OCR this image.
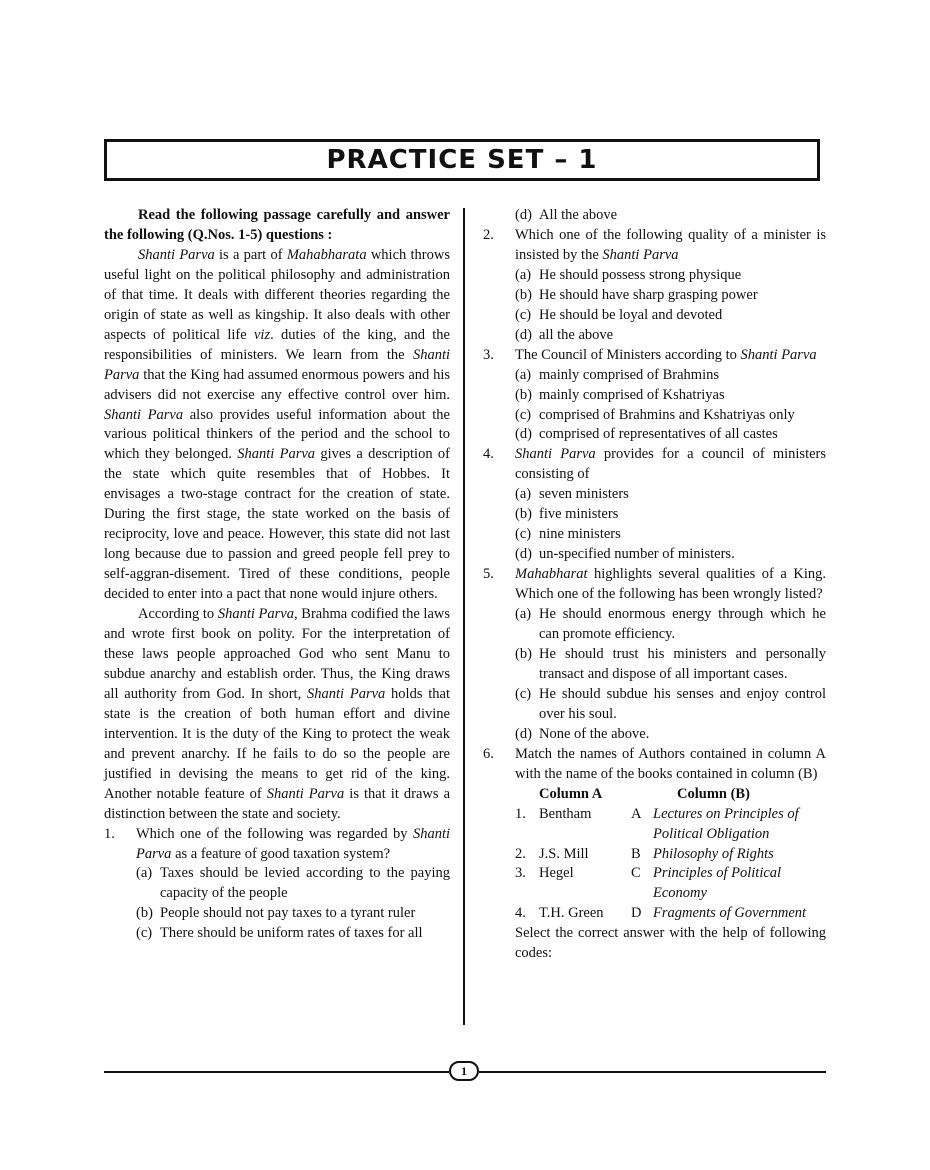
PRACTICE SET – 1

Read the following passage carefully and answer the following (Q.Nos. 1-5) questions :

Shanti Parva is a part of Mahabharata which throws useful light on the political philosophy and administration of that time. It deals with different theories regarding the origin of state as well as kingship. It also deals with other aspects of political life viz. duties of the king, and the responsibilities of ministers. We learn from the Shanti Parva that the King had assumed enormous powers and his advisers did not exercise any effective control over him. Shanti Parva also provides useful information about the various political thinkers of the period and the school to which they belonged. Shanti Parva gives a description of the state which quite resembles that of Hobbes. It envisages a two-stage contract for the creation of state. During the first stage, the state worked on the basis of reciprocity, love and peace. However, this state did not last long because due to passion and greed people fell prey to self-aggran-disement. Tired of these conditions, people decided to enter into a pact that none would injure others.

According to Shanti Parva, Brahma codified the laws and wrote first book on polity. For the interpretation of these laws people approached God who sent Manu to subdue anarchy and establish order. Thus, the King draws all authority from God. In short, Shanti Parva holds that state is the creation of both human effort and divine intervention. It is the duty of the King to protect the weak and prevent anarchy. If he fails to do so the people are justified in devising the means to get rid of the king. Another notable feature of Shanti Parva is that it draws a distinction between the state and society.

1. Which one of the following was regarded by Shanti Parva as a feature of good taxation system?
(a) Taxes should be levied according to the paying capacity of the people
(b) People should not pay taxes to a tyrant ruler
(c) There should be uniform rates of taxes for all
(d) All the above
2. Which one of the following quality of a minister is insisted by the Shanti Parva
(a) He should possess strong physique
(b) He should have sharp grasping power
(c) He should be loyal and devoted
(d) all the above
3. The Council of Ministers according to Shanti Parva
(a) mainly comprised of Brahmins
(b) mainly comprised of Kshatriyas
(c) comprised of Brahmins and Kshatriyas only
(d) comprised of representatives of all castes
4. Shanti Parva provides for a council of ministers consisting of
(a) seven ministers
(b) five ministers
(c) nine ministers
(d) un-specified number of ministers.
5. Mahabharat highlights several qualities of a King. Which one of the following has been wrongly listed?
(a) He should enormous energy through which he can promote efficiency.
(b) He should trust his ministers and personally transact and dispose of all important cases.
(c) He should subdue his senses and enjoy control over his soul.
(d) None of the above.
6. Match the names of Authors contained in column A with the name of the books contained in column (B)
Column A	Column (B)
1. Bentham	A Lectures on Principles of Political Obligation
2. J.S. Mill	B Philosophy of Rights
3. Hegel	C Principles of Political Economy
4. T.H. Green	D Fragments of Government

Select the correct answer with the help of following codes:

1
